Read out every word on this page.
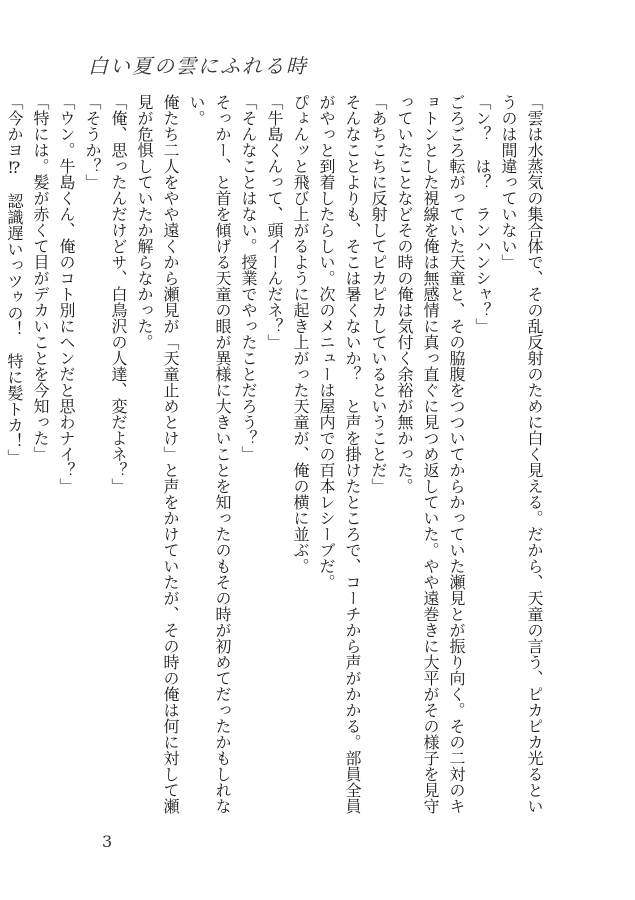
白い夏の雲にふれる時

「雲は水蒸気の集合体で、その乱反射のために白く見える。だから、天童の言う、ピカピカ光るというのは間違っていない」

「ン？　は？　ランハンシャ？」

ごろごろ転がっていた天童と、その脇腹をつついてからかっていた瀬見とが振り向く。その二対のキョトンとした視線を俺は無感情に真っ直ぐに見つめ返していた。やや遠巻きに大平がその様子を見守っていたことなどその時の俺は気付く余裕が無かった。

「あちこちに反射してピカピカしているということだ」

そんなことよりも、そこは暑くないか？　と声を掛けたところで、コーチから声がかかる。部員全員がやっと到着したらしい。次のメニューは屋内での百本レシーブだ。

ぴょんッと飛び上がるように起き上がった天童が、俺の横に並ぶ。

「牛島くんって、頭イーんだネ？」

「そんなことはない。授業でやったことだろう？」

そっかー、と首を傾げる天童の眼が異様に大きいことを知ったのもその時が初めてだったかもしれない。

俺たち二人をやや遠くから瀬見が「天童止めとけ」と声をかけていたが、その時の俺は何に対して瀬見が危惧していたか解らなかった。

「俺、思ったんだけどサ、白鳥沢の人達、変だよネ？」

「そうか？」

「ウン。牛島くん、俺のコト別にヘンだと思わナイ？」

「特には。髪が赤くて目がデカいことを今知った」

「今かヨ⁉　認識遅いっツゥの！　特に髪トカ！」

3
